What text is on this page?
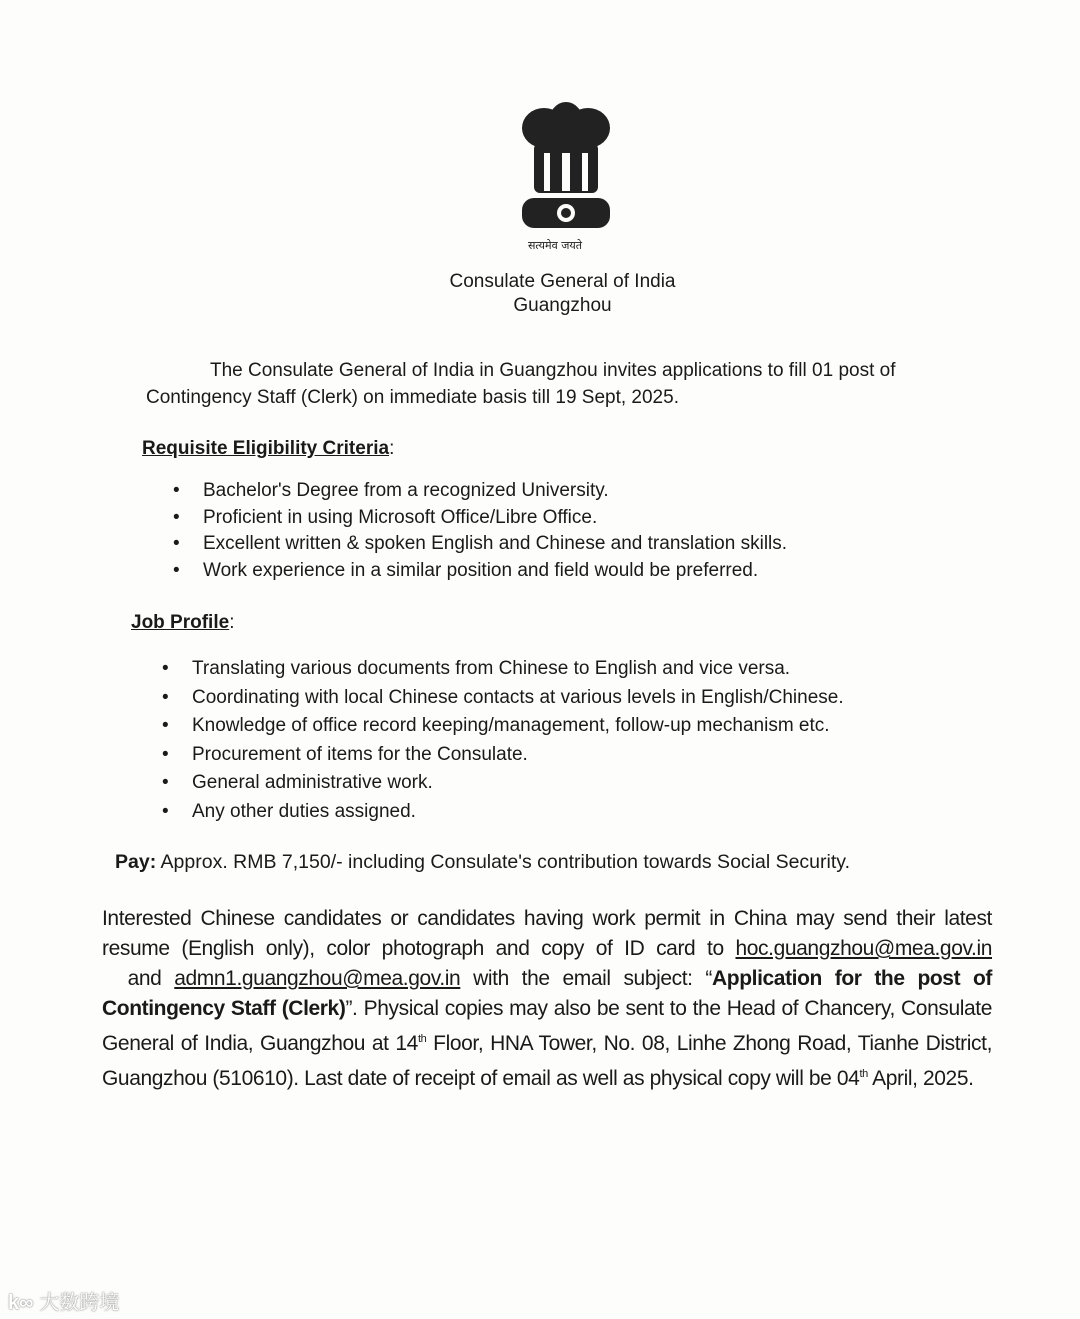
सत्यमेव जयते
Consulate General of India
Guangzhou
The Consulate General of India in Guangzhou invites applications to fill 01 post of
Contingency Staff (Clerk) on immediate basis till 19 Sept, 2025.
Requisite Eligibility Criteria:
• Bachelor's Degree from a recognized University.
• Proficient in using Microsoft Office/Libre Office.
• Excellent written & spoken English and Chinese and translation skills.
• Work experience in a similar position and field would be preferred.
Job Profile:
• Translating various documents from Chinese to English and vice versa.
• Coordinating with local Chinese contacts at various levels in English/Chinese.
• Knowledge of office record keeping/management, follow-up mechanism etc.
• Procurement of items for the Consulate.
• General administrative work.
• Any other duties assigned.
Pay: Approx. RMB 7,150/- including Consulate's contribution towards Social Security.
Interested Chinese candidates or candidates having work permit in China may send their latest resume (English only), color photograph and copy of ID card to hoc.guangzhou@mea.gov.in  and admn1.guangzhou@mea.gov.in with the email subject: “Application for the post of Contingency Staff (Clerk)”. Physical copies may also be sent to the Head of Chancery, Consulate General of India, Guangzhou at 14th Floor, HNA Tower, No. 08, Linhe Zhong Road, Tianhe District, Guangzhou (510610). Last date of receipt of email as well as physical copy will be 04th April, 2025.
k∞ 大数跨境
